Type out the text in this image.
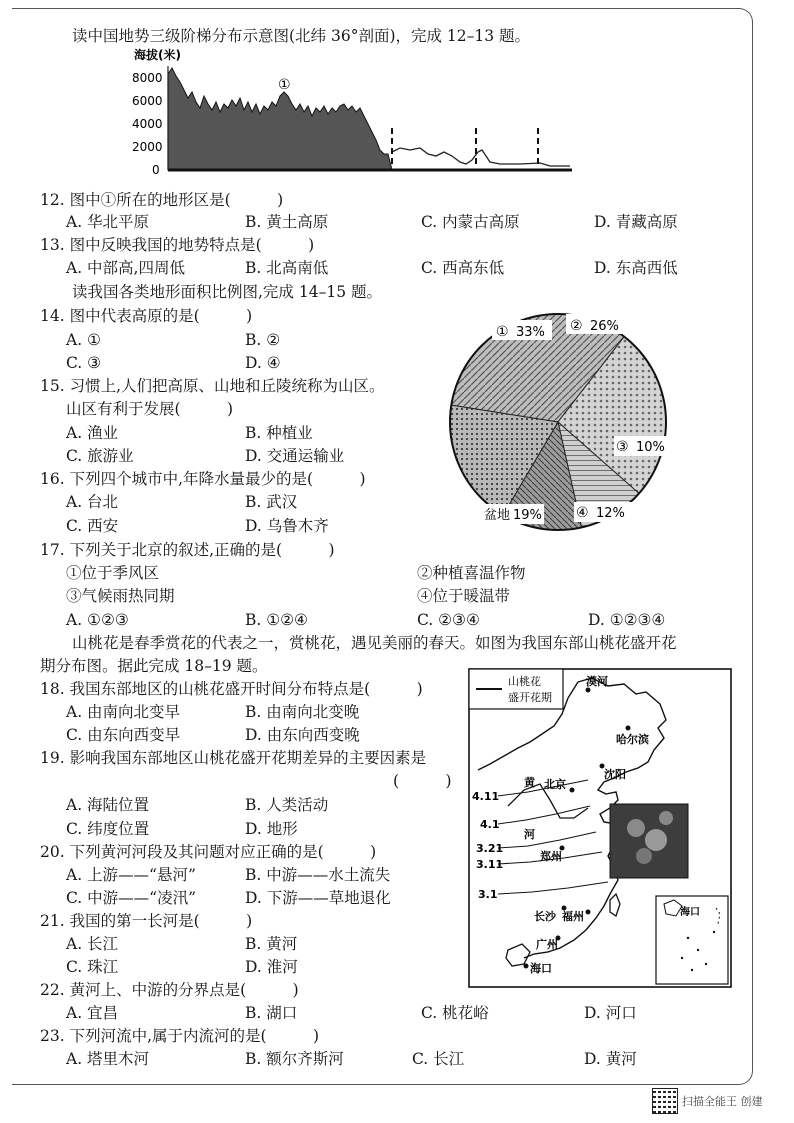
读中国地势三级阶梯分布示意图(北纬 36°剖面)，完成 12–13 题。
海拔(米)
8000
6000
4000
2000
0
①
12. 图中①所在的地形区是(　　　)
A. 华北平原	B. 黄土高原	C. 内蒙古高原	D. 青藏高原
13. 图中反映我国的地势特点是(　　　)
A. 中部高,四周低	B. 北高南低	C. 西高东低	D. 东高西低
读我国各类地形面积比例图,完成 14–15 题。
14. 图中代表高原的是(　　　)
A. ①	B. ②
C. ③	D. ④
15. 习惯上,人们把高原、山地和丘陵统称为山区。
山区有利于发展(　　　)
A. 渔业	B. 种植业
C. 旅游业	D. 交通运输业
16. 下列四个城市中,年降水量最少的是(　　　)
A. 台北	B. 武汉
C. 西安	D. 乌鲁木齐
① 33% ② 26%
③ 10%
④ 12%
盆地 19%
17. 下列关于北京的叙述,正确的是(　　　)
①位于季风区	②种植喜温作物
③气候雨热同期	④位于暖温带
A. ①②③	B. ①②④	C. ②③④	D. ①②③④
山桃花是春季赏花的代表之一，赏桃花，遇见美丽的春天。如图为我国东部山桃花盛开花
期分布图。据此完成 18–19 题。
18. 我国东部地区的山桃花盛开时间分布特点是(　　　)
A. 由南向北变早	B. 由南向北变晚
C. 由东向西变早	D. 由东向西变晚
19. 影响我国东部地区山桃花盛开花期差异的主要因素是
(　　　)
A. 海陆位置	B. 人类活动
C. 纬度位置	D. 地形
20. 下列黄河河段及其问题对应正确的是(　　　)
A. 上游——“悬河”	B. 中游——水土流失
C. 中游——“凌汛”	D. 下游——草地退化
21. 我国的第一长河是(　　　)
A. 长江	B. 黄河
C. 珠江	D. 淮河
22. 黄河上、中游的分界点是(　　　)
A. 宜昌	B. 湖口	C. 桃花峪	D. 河口
23. 下列河流中,属于内流河的是(　　　)
A. 塔里木河	B. 额尔齐斯河	C. 长江	D. 黄河
山桃花
盛开花期
4.11
4.1
3.21
3.11
3.1
漠河
哈尔滨
沈阳
北京
郑州
长沙 福州
广州
海口
黄
河
海口
扫描全能王 创建
